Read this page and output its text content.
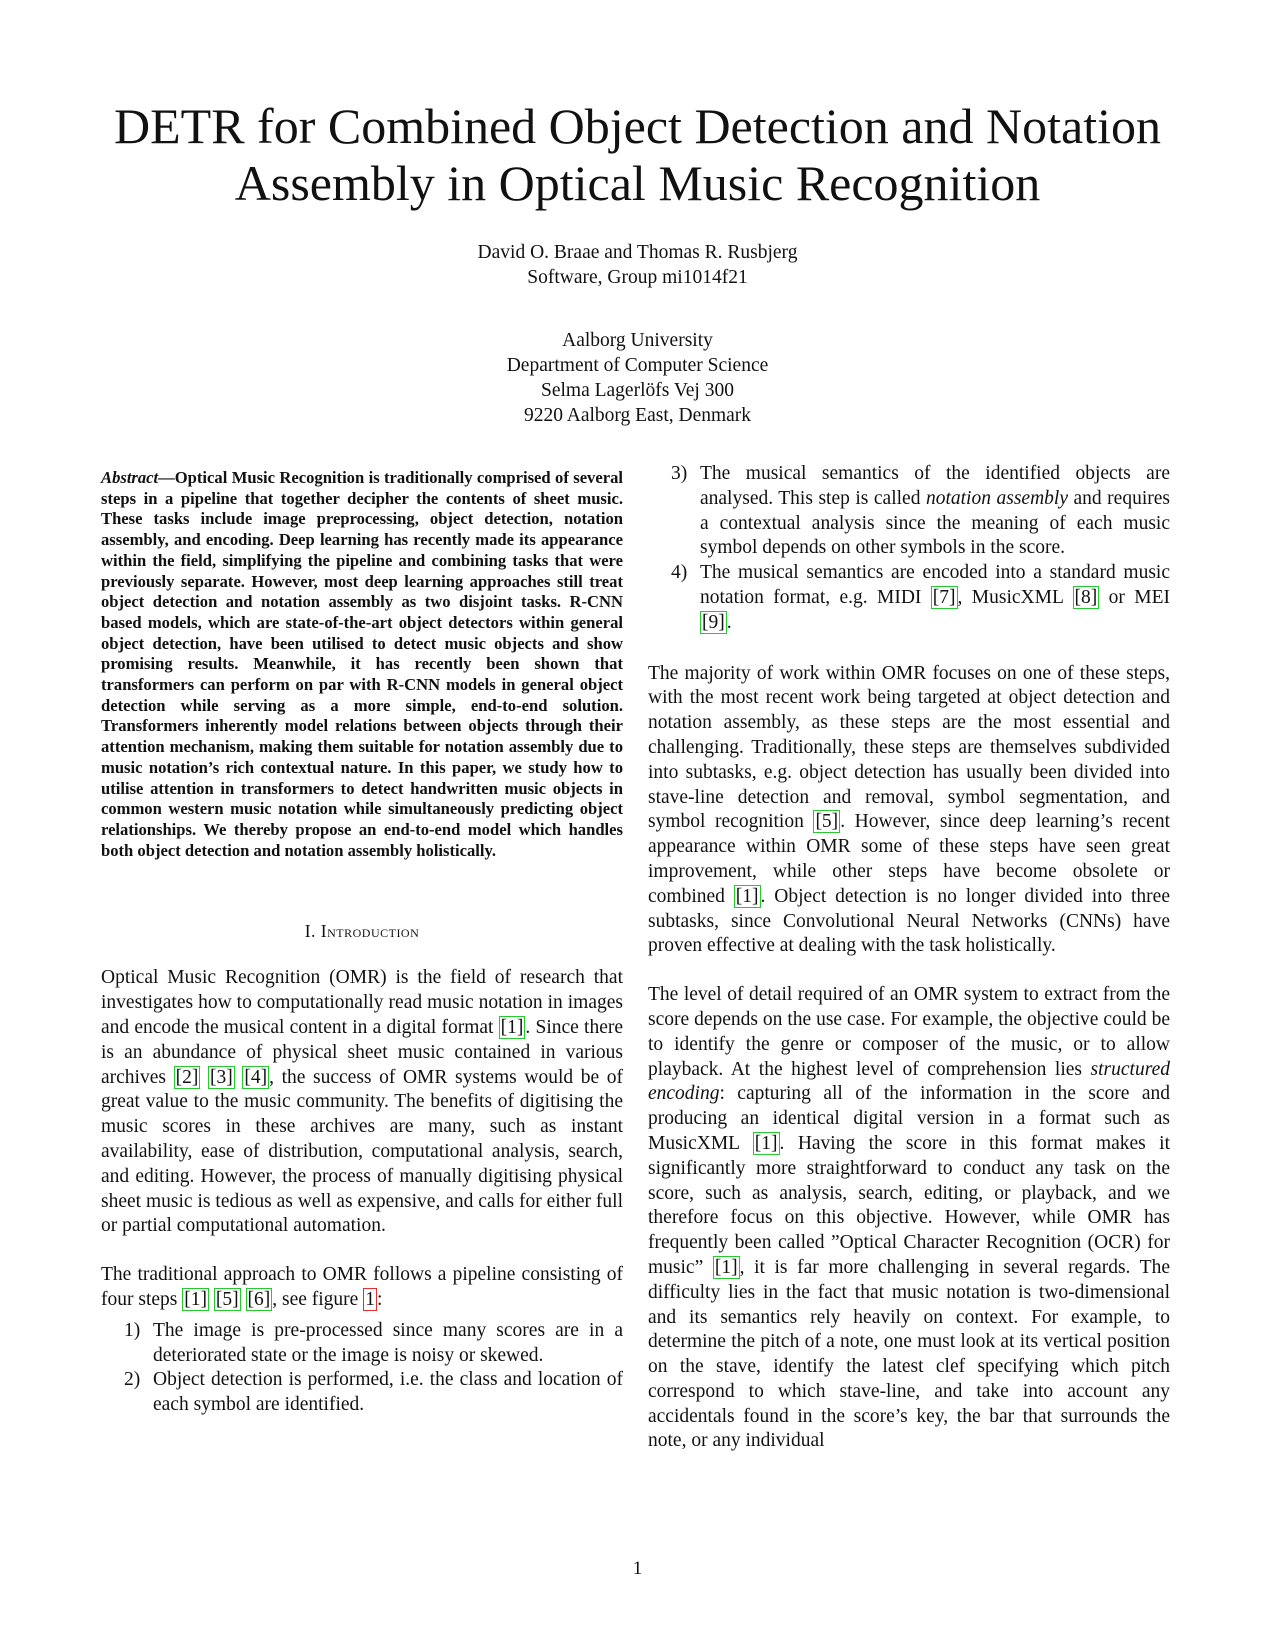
DETR for Combined Object Detection and Notation
Assembly in Optical Music Recognition
David O. Braae and Thomas R. Rusbjerg
Software, Group mi1014f21
Aalborg University
Department of Computer Science
Selma Lagerlöfs Vej 300
9220 Aalborg East, Denmark

Abstract—Optical Music Recognition is traditionally comprised of several steps in a pipeline that together decipher the contents of sheet music. These tasks include image preprocessing, object detection, notation assembly, and encoding. Deep learning has recently made its appearance within the field, simplifying the pipeline and combining tasks that were previously separate. However, most deep learning approaches still treat object detection and notation assembly as two disjoint tasks. R-CNN based models, which are state-of-the-art object detectors within general object detection, have been utilised to detect music objects and show promising results. Meanwhile, it has recently been shown that transformers can perform on par with R-CNN models in general object detection while serving as a more simple, end-to-end solution. Transformers inherently model relations between objects through their attention mechanism, making them suitable for notation assembly due to music notation’s rich contextual nature. In this paper, we study how to utilise attention in transformers to detect handwritten music objects in common western music notation while simultaneously predicting object relationships. We thereby propose an end-to-end model which handles both object detection and notation assembly holistically.

I. Introduction

Optical Music Recognition (OMR) is the field of research that investigates how to computationally read music notation in images and encode the musical content in a digital format [1] . Since there is an abundance of physical sheet music contained in various archives [2] [3] [4] , the success of OMR systems would be of great value to the music community. The benefits of digitising the music scores in these archives are many, such as instant availability, ease of distribution, computational analysis, search, and editing. However, the process of manually digitising physical sheet music is tedious as well as expensive, and calls for either full or partial computational automation.

The traditional approach to OMR follows a pipeline consisting of four steps [1] [5] [6] , see figure 1 :

1) The image is pre-processed since many scores are in a deteriorated state or the image is noisy or skewed.
2) Object detection is performed, i.e. the class and location of each symbol are identified.
3) The musical semantics of the identified objects are analysed. This step is called notation assembly and requires a contextual analysis since the meaning of each music symbol depends on other symbols in the score.
4) The musical semantics are encoded into a standard music notation format, e.g. MIDI [7] , MusicXML [8] or MEI [9] .

The majority of work within OMR focuses on one of these steps, with the most recent work being targeted at object detection and notation assembly, as these steps are the most essential and challenging. Traditionally, these steps are themselves subdivided into subtasks, e.g. object detection has usually been divided into stave-line detection and removal, symbol segmentation, and symbol recognition [5] . However, since deep learning’s recent appearance within OMR some of these steps have seen great improvement, while other steps have become obsolete or combined [1] . Object detection is no longer divided into three subtasks, since Convolutional Neural Networks (CNNs) have proven effective at dealing with the task holistically.

The level of detail required of an OMR system to extract from the score depends on the use case. For example, the objective could be to identify the genre or composer of the music, or to allow playback. At the highest level of comprehension lies structured encoding: capturing all of the information in the score and producing an identical digital version in a format such as MusicXML [1] . Having the score in this format makes it significantly more straightforward to conduct any task on the score, such as analysis, search, editing, or playback, and we therefore focus on this objective. However, while OMR has frequently been called ”Optical Character Recognition (OCR) for music” [1] , it is far more challenging in several regards. The difficulty lies in the fact that music notation is two-dimensional and its semantics rely heavily on context. For example, to determine the pitch of a note, one must look at its vertical position on the stave, identify the latest clef specifying which pitch correspond to which stave-line, and take into account any accidentals found in the score’s key, the bar that surrounds the note, or any individual

1
